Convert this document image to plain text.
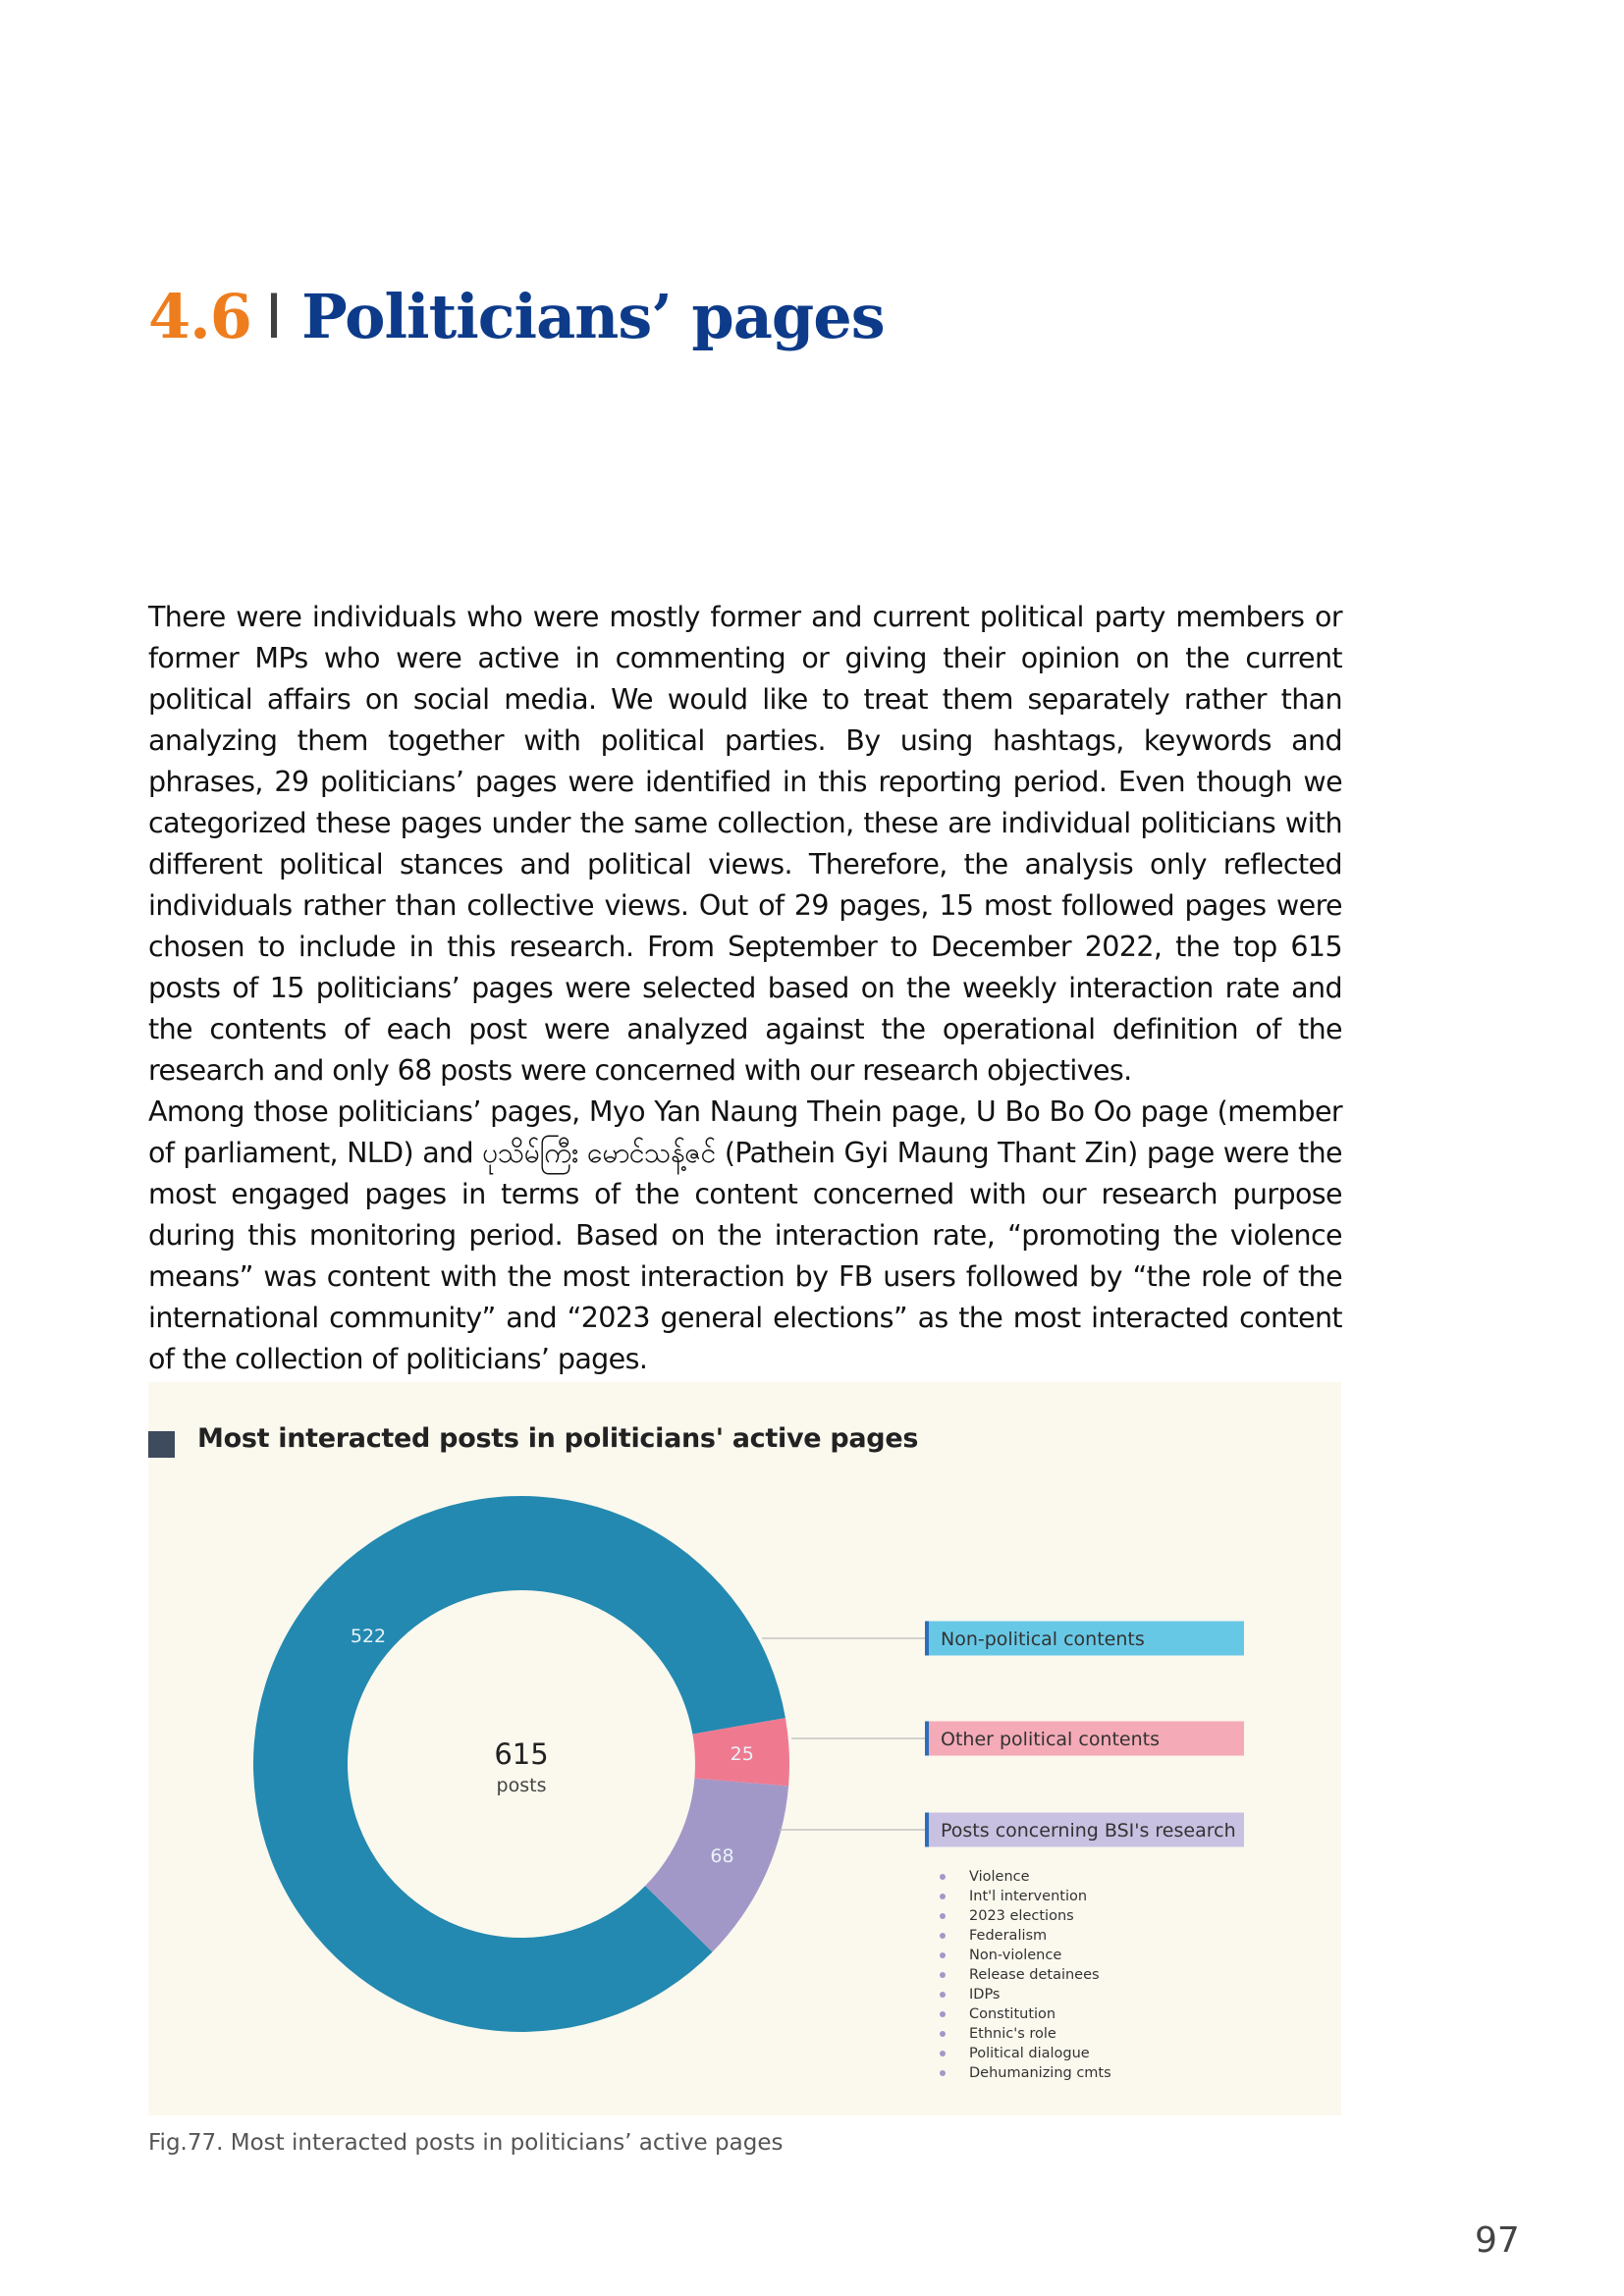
4.6 I Politicians’ pages

There were individuals who were mostly former and current political party members or former MPs who were active in commenting or giving their opinion on the current political affairs on social media. We would like to treat them separately rather than analyzing them together with political parties. By using hashtags, keywords and phrases, 29 politicians’ pages were identified in this reporting period. Even though we categorized these pages under the same collection, these are individual politicians with different political stances and political views. Therefore, the analysis only reflected individuals rather than collective views. Out of 29 pages, 15 most followed pages were chosen to include in this research. From September to December 2022, the top 615 posts of 15 politicians’ pages were selected based on the weekly interaction rate and the contents of each post were analyzed against the operational definition of the research and only 68 posts were concerned with our research objectives.

Among those politicians’ pages, Myo Yan Naung Thein page, U Bo Bo Oo page (member of parliament, NLD) and ပုသိမ်ကြီး မောင်သန့်ဇင် (Pathein Gyi Maung Thant Zin) page were the most engaged pages in terms of the content concerned with our research purpose during this monitoring period. Based on the interaction rate, “promoting the violence means” was content with the most interaction by FB users followed by “the role of the international community” and “2023 general elections” as the most interacted content of the collection of politicians’ pages.

Most interacted posts in politicians' active pages
522
25
68
615
posts
Non-political contents
Other political contents
Posts concerning BSI's research
Violence
Int'l intervention
2023 elections
Federalism
Non-violence
Release detainees
IDPs
Constitution
Ethnic's role
Political dialogue
Dehumanizing cmts
Fig.77. Most interacted posts in politicians’ active pages
97
